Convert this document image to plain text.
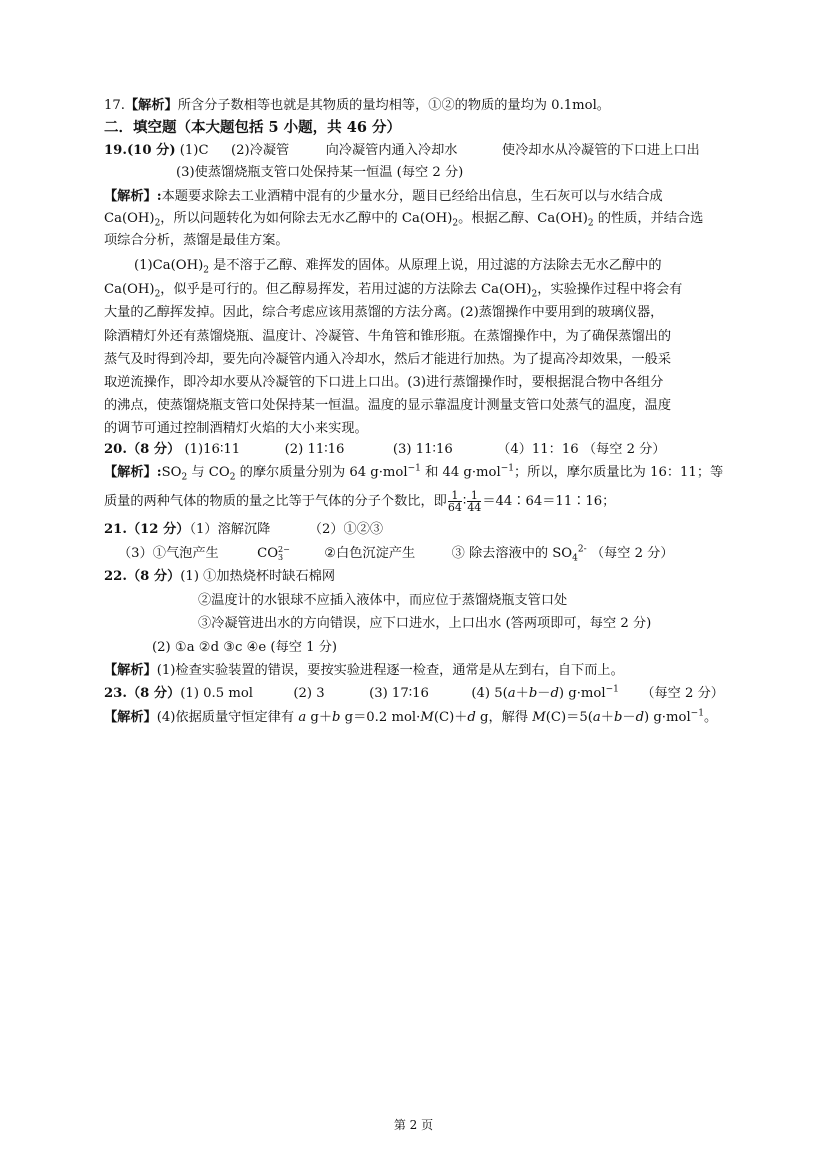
17.【解析】所含分子数相等也就是其物质的量均相等，①②的物质的量均为 0.1mol。
二．填空题（本大题包括 5 小题，共 46 分）
19.(10 分) (1)C (2)冷凝管	向冷凝管内通入冷却水	使冷却水从冷凝管的下口进上口出
(3)使蒸馏烧瓶支管口处保持某一恒温 (每空 2 分)
【解析】:本题要求除去工业酒精中混有的少量水分，题目已经给出信息，生石灰可以与水结合成
$Ca(OH)_2$，所以问题转化为如何除去无水乙醇中的 $Ca(OH)_2$。根据乙醇、$Ca(OH)_2$ 的性质，并结合选
项综合分析，蒸馏是最佳方案。
$(1)Ca(OH)_2$ 是不溶于乙醇、难挥发的固体。从原理上说，用过滤的方法除去无水乙醇中的
$Ca(OH)_2$，似乎是可行的。但乙醇易挥发，若用过滤的方法除去 $Ca(OH)_2$，实验操作过程中将会有
大量的乙醇挥发掉。因此，综合考虑应该用蒸馏的方法分离。(2)蒸馏操作中要用到的玻璃仪器，
除酒精灯外还有蒸馏烧瓶、温度计、冷凝管、牛角管和锥形瓶。在蒸馏操作中，为了确保蒸馏出的
蒸气及时得到冷却，要先向冷凝管内通入冷却水，然后才能进行加热。为了提高冷却效果，一般采
取逆流操作，即冷却水要从冷凝管的下口进上口出。(3)进行蒸馏操作时，要根据混合物中各组分
的沸点，使蒸馏烧瓶支管口处保持某一恒温。温度的显示靠温度计测量支管口处蒸气的温度，温度
的调节可通过控制酒精灯火焰的大小来实现。
20.（8 分） (1)16∶11	(2) 11∶16	(3) 11∶16	（4）11：16 （每空 2 分）
【解析】$:SO_2$ 与 $CO_2$ 的摩尔质量分别为 64 g·mol$^{-1}$ 和 44 g·mol$^{-1}$；所以，摩尔质量比为 16：11；等
质量的两种气体的物质的量之比等于气体的分子个数比，即 $\frac{1}{64}$ ∶ $\frac{1}{44}$ ＝44∶64＝11∶16；
21.（12 分）（1）溶解沉降	（2）①②③
（3）①气泡产生	CO 2−
3	②白色沉淀产生	③ 除去溶液中的 $SO_4^{2-}$ （每空 2 分）
22.（8 分）(1) ①加热烧杯时缺石棉网
②温度计的水银球不应插入液体中，而应位于蒸馏烧瓶支管口处
③冷凝管进出水的方向错误，应下口进水，上口出水 (答两项即可，每空 2 分)
(2) ①a ②d ③c ④e (每空 1 分)
【解析】(1)检查实验装置的错误，要按实验进程逐一检查，通常是从左到右，自下而上。
23.（8 分）(1) 0.5 mol	(2) 3	(3) 17∶16	(4) 5(a＋b－d) g·mol$^{-1}$ （每空 2 分）
【解析】(4)依据质量守恒定律有 a g＋b g＝0.2 mol·M(C)＋d g，解得 M(C)＝5(a＋b－d) g·mol$^{-1}$。
第 2 页
